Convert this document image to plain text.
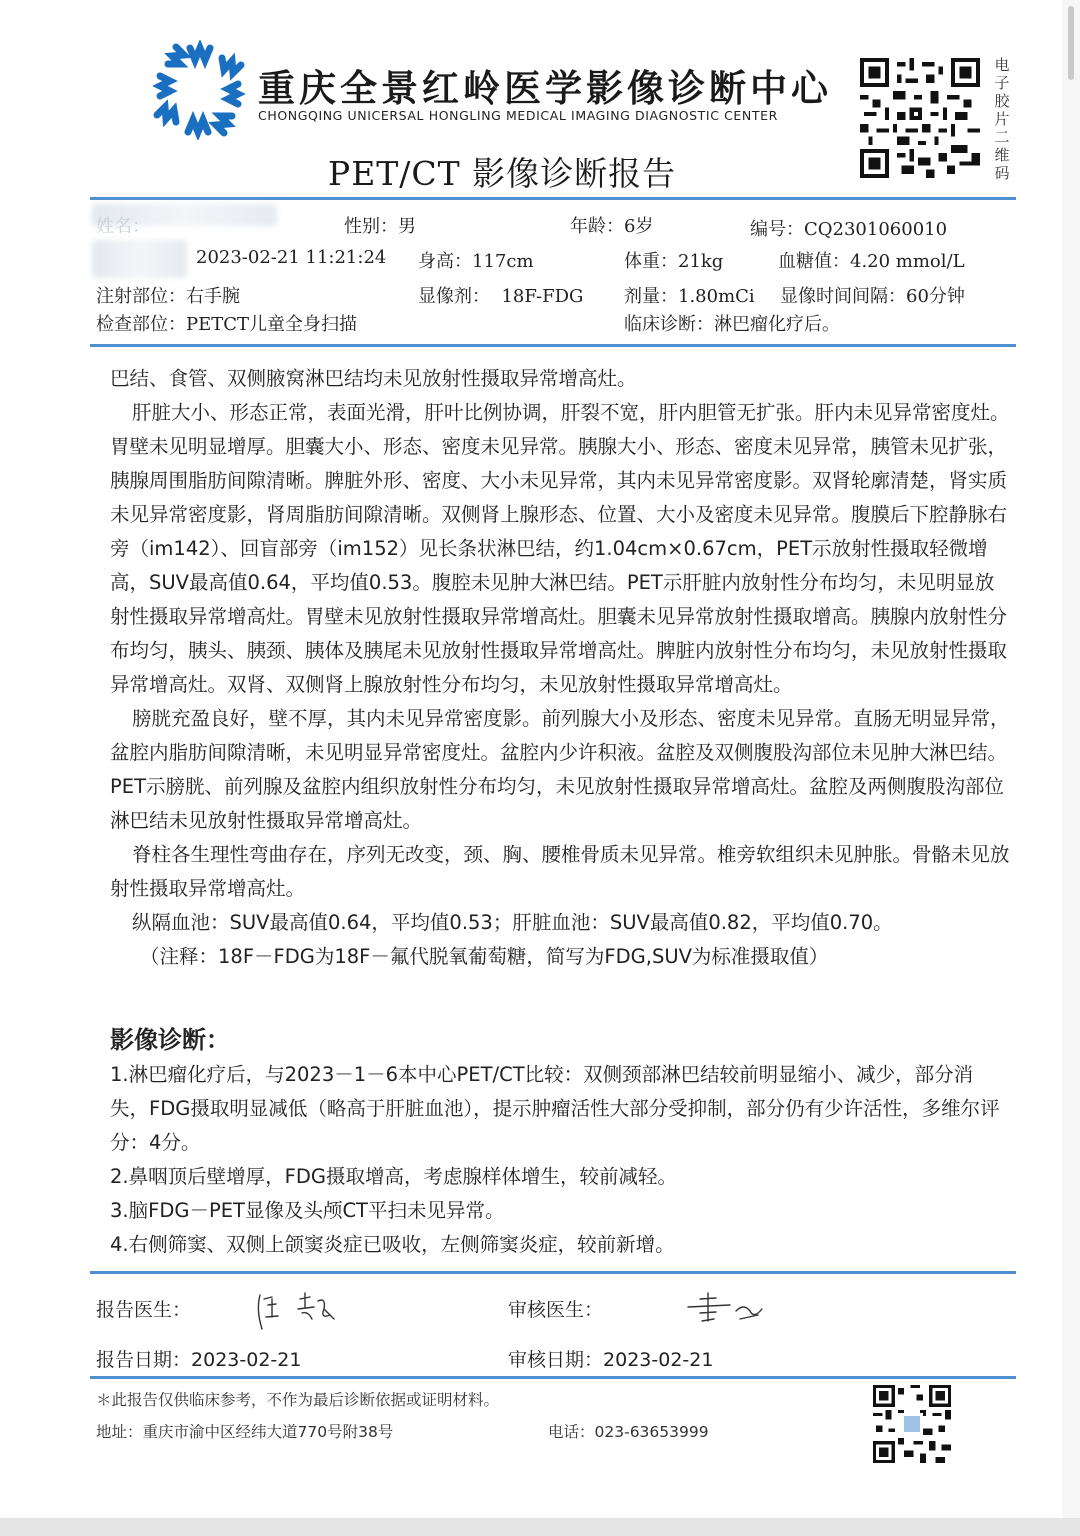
重庆全景红岭医学影像诊断中心
CHONGQING UNICERSAL HONGLING MEDICAL IMAGING DIAGNOSTIC CENTER
PET/CT 影像诊断报告
电子胶片二维码
姓名：	性别：男	年龄：6岁	编号：CQ2301060010
2023-02-21 11:21:24 身高：117cm	体重：21kg	血糖值：4.20 mmol/L
注射部位：右手腕	显像剂： 18F-FDG 剂量：1.80mCi 显像时间间隔：60分钟
检查部位：PETCT儿童全身扫描	临床诊断：淋巴瘤化疗后。

巴结、食管、双侧腋窝淋巴结均未见放射性摄取异常增高灶。

肝脏大小、形态正常，表面光滑，肝叶比例协调，肝裂不宽，肝内胆管无扩张。肝内未见异常密度灶。胃壁未见明显增厚。胆囊大小、形态、密度未见异常。胰腺大小、形态、密度未见异常，胰管未见扩张，胰腺周围脂肪间隙清晰。脾脏外形、密度、大小未见异常，其内未见异常密度影。双肾轮廓清楚，肾实质未见异常密度影，肾周脂肪间隙清晰。双侧肾上腺形态、位置、大小及密度未见异常。腹膜后下腔静脉右旁（im142）、回盲部旁（im152）见长条状淋巴结，约1.04cm×0.67cm，PET示放射性摄取轻微增高，SUV最高值0.64，平均值0.53。腹腔未见肿大淋巴结。PET示肝脏内放射性分布均匀，未见明显放射性摄取异常增高灶。胃壁未见放射性摄取异常增高灶。胆囊未见异常放射性摄取增高。胰腺内放射性分布均匀，胰头、胰颈、胰体及胰尾未见放射性摄取异常增高灶。脾脏内放射性分布均匀，未见放射性摄取异常增高灶。双肾、双侧肾上腺放射性分布均匀，未见放射性摄取异常增高灶。

膀胱充盈良好，壁不厚，其内未见异常密度影。前列腺大小及形态、密度未见异常。直肠无明显异常，盆腔内脂肪间隙清晰，未见明显异常密度灶。盆腔内少许积液。盆腔及双侧腹股沟部位未见肿大淋巴结。PET示膀胱、前列腺及盆腔内组织放射性分布均匀，未见放射性摄取异常增高灶。盆腔及两侧腹股沟部位淋巴结未见放射性摄取异常增高灶。

脊柱各生理性弯曲存在，序列无改变，颈、胸、腰椎骨质未见异常。椎旁软组织未见肿胀。骨骼未见放射性摄取异常增高灶。

纵隔血池：SUV最高值0.64，平均值0.53；肝脏血池：SUV最高值0.82，平均值0.70。

（注释：18F－FDG为18F－氟代脱氧葡萄糖，简写为FDG,SUV为标准摄取值）

影像诊断：

1.淋巴瘤化疗后，与2023－1－6本中心PET/CT比较：双侧颈部淋巴结较前明显缩小、减少，部分消失，FDG摄取明显减低（略高于肝脏血池），提示肿瘤活性大部分受抑制，部分仍有少许活性，多维尔评分：4分。

2.鼻咽顶后壁增厚，FDG摄取增高，考虑腺样体增生，较前减轻。

3.脑FDG－PET显像及头颅CT平扫未见异常。

4.右侧筛窦、双侧上颌窦炎症已吸收，左侧筛窦炎症，较前新增。

报告医生：	审核医生：
报告日期：2023-02-21	审核日期：2023-02-21
＊此报告仅供临床参考，不作为最后诊断依据或证明材料。
地址：重庆市渝中区经纬大道770号附38号	电话：023-63653999
